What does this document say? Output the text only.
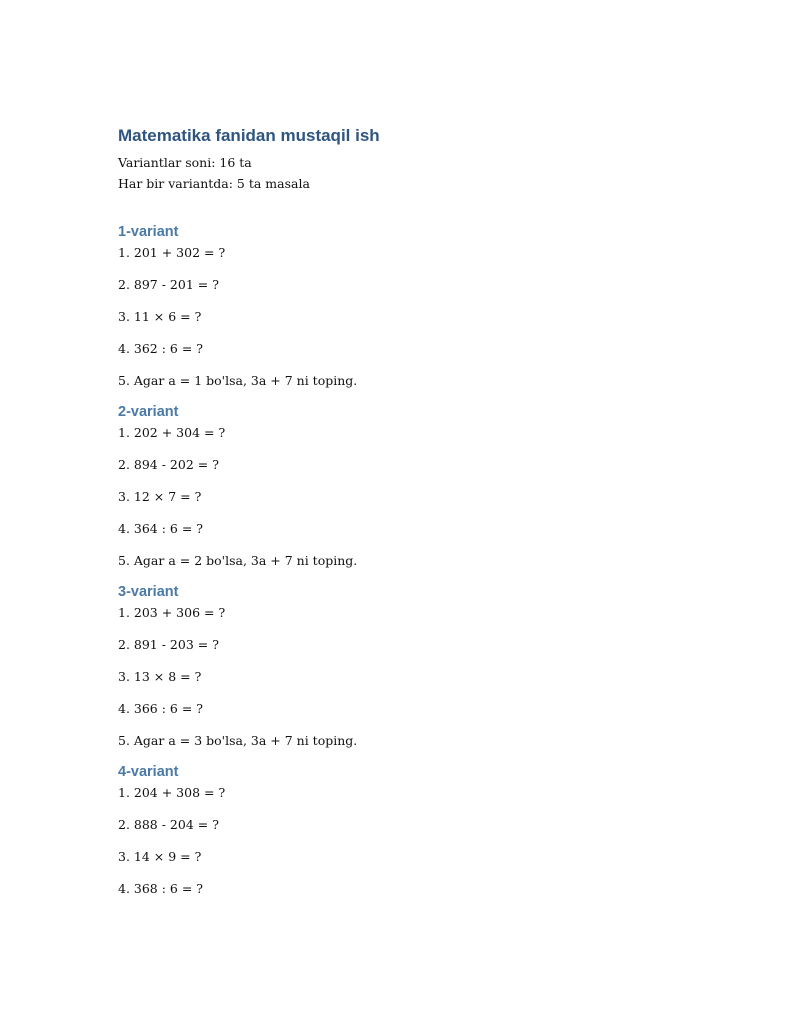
Matematika fanidan mustaqil ish

Variantlar soni: 16 ta

Har bir variantda: 5 ta masala

1-variant

1. 201 + 302 = ?

2. 897 - 201 = ?

3. 11 × 6 = ?

4. 362 : 6 = ?

5. Agar a = 1 bo'lsa, 3a + 7 ni toping.

2-variant

1. 202 + 304 = ?

2. 894 - 202 = ?

3. 12 × 7 = ?

4. 364 : 6 = ?

5. Agar a = 2 bo'lsa, 3a + 7 ni toping.

3-variant

1. 203 + 306 = ?

2. 891 - 203 = ?

3. 13 × 8 = ?

4. 366 : 6 = ?

5. Agar a = 3 bo'lsa, 3a + 7 ni toping.

4-variant

1. 204 + 308 = ?

2. 888 - 204 = ?

3. 14 × 9 = ?

4. 368 : 6 = ?
